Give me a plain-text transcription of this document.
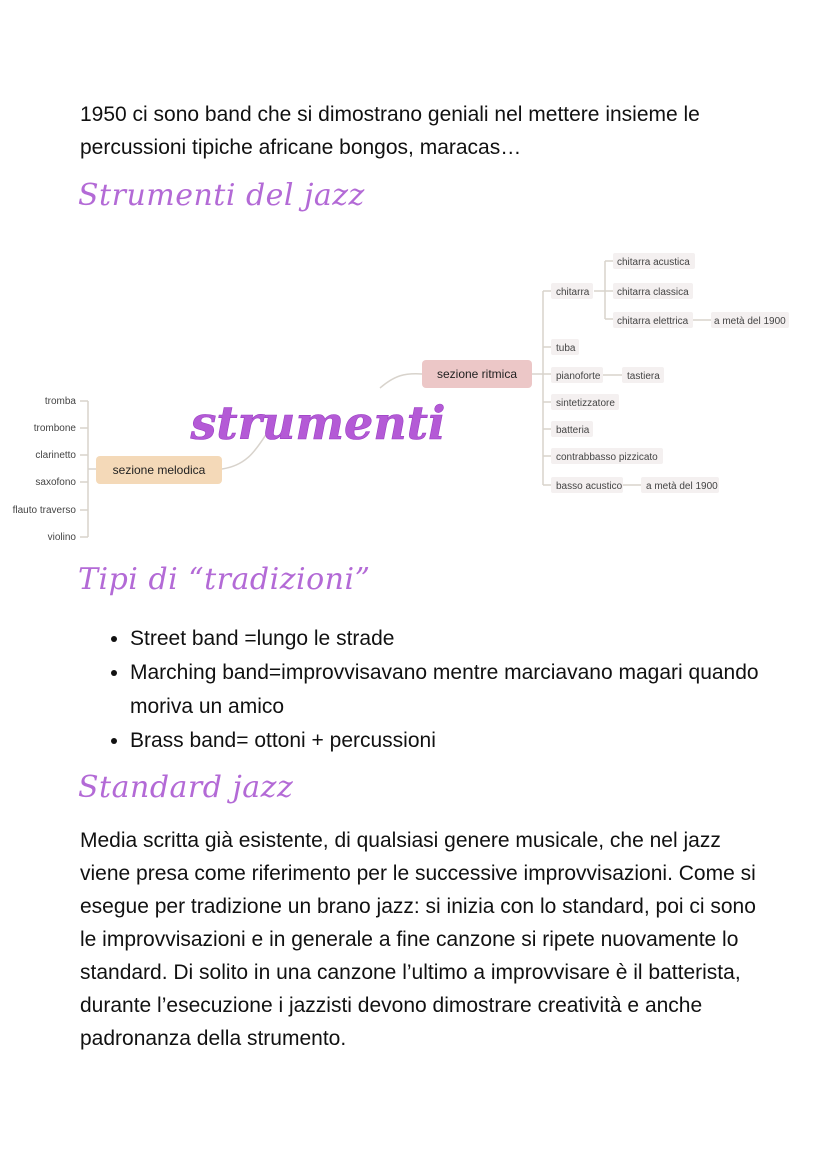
1950 ci sono band che si dimostrano geniali nel mettere insieme le percussioni tipiche africane bongos, maracas…

Strumenti del jazz
strumenti
sezione melodica
tromba
trombone
clarinetto
saxofono
flauto traverso
violino
sezione ritmica
chitarra
chitarra acustica
chitarra classica
chitarra elettrica	a metà del 1900
tuba
pianoforte	tastiera
sintetizzatore
batteria
contrabbasso pizzicato
basso acustico a metà del 1900
Tipi di “tradizioni”
• Street band =lungo le strade
• Marching band=improvvisavano mentre marciavano magari quando moriva un amico
• Brass band= ottoni + percussioni
Standard jazz

Media scritta già esistente, di qualsiasi genere musicale, che nel jazz viene presa come riferimento per le successive improvvisazioni. Come si esegue per tradizione un brano jazz: si inizia con lo standard, poi ci sono le improvvisazioni e in generale a fine canzone si ripete nuovamente lo standard. Di solito in una canzone l’ultimo a improvvisare è il batterista, durante l’esecuzione i jazzisti devono dimostrare creatività e anche padronanza della strumento.
